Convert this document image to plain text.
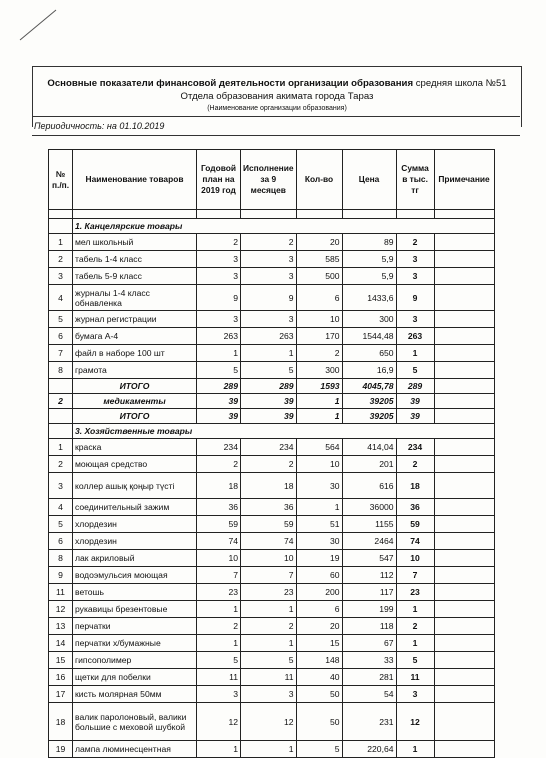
Основные показатели финансовой деятельности организации образования средняя школа №51 Отдела образования акимата города Тараз
(Наименование организации образования)
Периодичность: на 01.10.2019
№ п./п.	Наименование товаров	Годовой план на 2019 год	Исполнение за 9 месяцев	Кол-во	Цена	Сумма в тыс. тг	Примечание

	1. Канцелярские товары						
1	мел школьный	2	2	20	89	2	
2	табель 1-4 класс	3	3	585	5,9	3	
3	табель 5-9 класс	3	3	500	5,9	3	
4	журналы 1-4 класс обнавленка	9	9	6	1433,6	9	
5	журнал регистрации	3	3	10	300	3	
6	бумага А-4	263	263	170	1544,48	263	
7	файл в наборе 100 шт	1	1	2	650	1	
8	грамота	5	5	300	16,9	5	
	ИТОГО	289	289	1593	4045,78	289	
2	медикаменты	39	39	1	39205	39	
	ИТОГО	39	39	1	39205	39	
	3. Хозяйственные товары						
1	краска	234	234	564	414,04	234	
2	моющая средство	2	2	10	201	2	
3	коллер ашық қоңыр түсті	18	18	30	616	18	
4	соединительный зажим	36	36	1	36000	36	
5	хлордезин	59	59	51	1155	59	
6	хлордезин	74	74	30	2464	74	
8	лак акриловый	10	10	19	547	10	
9	водоэмульсия моющая	7	7	60	112	7	
11	ветошь	23	23	200	117	23	
12	рукавицы брезентовые	1	1	6	199	1	
13	перчатки	2	2	20	118	2	
14	перчатки х/бумажные	1	1	15	67	1	
15	гипсополимер	5	5	148	33	5	
16	щетки для побелки	11	11	40	281	11	
17	кисть молярная 50мм	3	3	50	54	3	
18	валик паролоновый, валики большие с меховой шубкой	12	12	50	231	12	
19	лампа люминесцентная	1	1	5	220,64	1	
